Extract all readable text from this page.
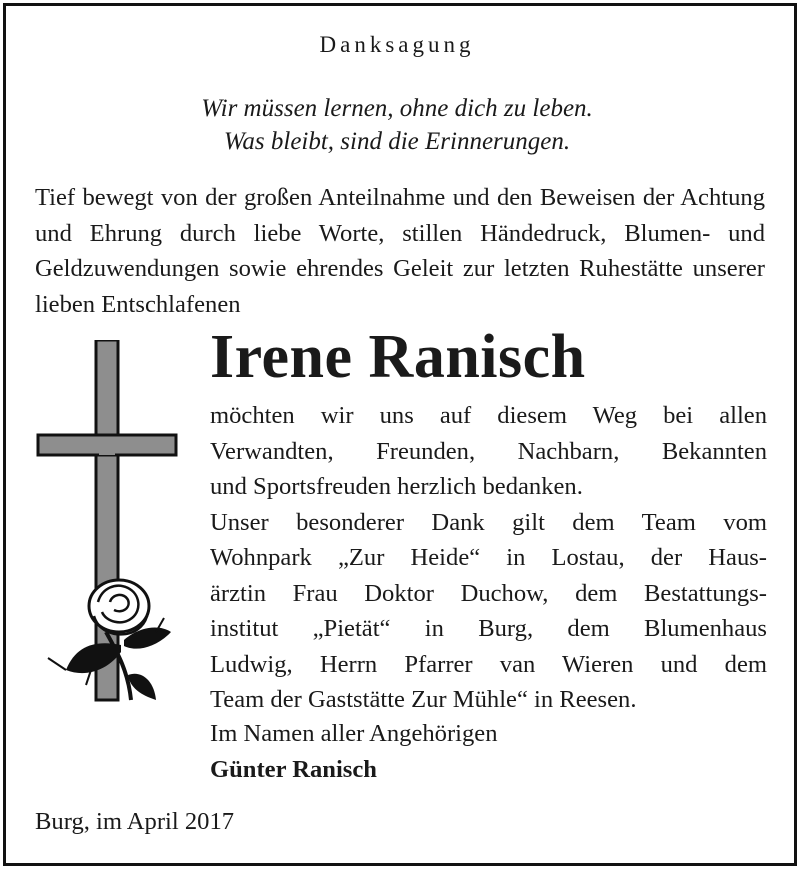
Danksagung
Wir müssen lernen, ohne dich zu leben.
Was bleibt, sind die Erinnerungen.
Tief bewegt von der großen Anteilnahme und den Beweisen der Achtung und Ehrung durch liebe Worte, stillen Händedruck, Blumen- und Geldzuwendungen sowie ehrendes Geleit zur letzten Ruhestätte unserer lieben Entschlafenen
Irene Ranisch
möchten wir uns auf diesem Weg bei allen
Verwandten, Freunden, Nachbarn, Bekannten
und Sportsfreuden herzlich bedanken.
Unser besonderer Dank gilt dem Team vom
Wohnpark „Zur Heide“ in Lostau, der Haus-
ärztin Frau Doktor Duchow, dem Bestattungs-
institut „Pietät“ in Burg, dem Blumenhaus
Ludwig, Herrn Pfarrer van Wieren und dem
Team der Gaststätte Zur Mühle“ in Reesen.
Im Namen aller Angehörigen
Günter Ranisch
Burg, im April 2017
